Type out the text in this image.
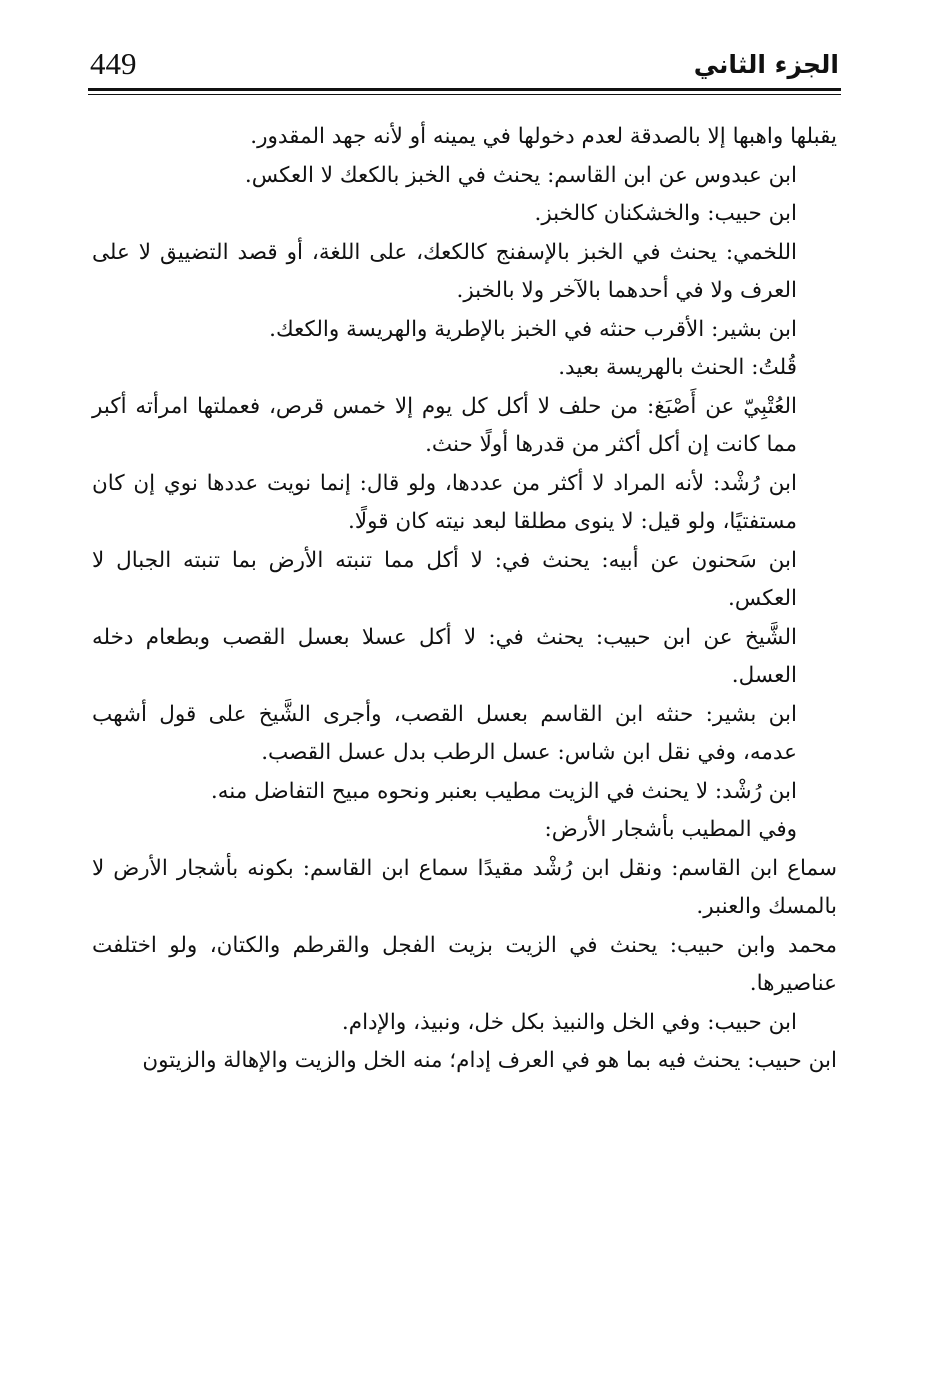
449	الجزء الثاني

يقبلها واهبها إلا بالصدقة لعدم دخولها في يمينه أو لأنه جهد المقدور.

ابن عبدوس عن ابن القاسم: يحنث في الخبز بالكعك لا العكس.

ابن حبيب: والخشكنان كالخبز.

اللخمي: يحنث في الخبز بالإسفنج كالكعك، على اللغة، أو قصد التضييق لا على العرف ولا في أحدهما بالآخر ولا بالخبز.

ابن بشير: الأقرب حنثه في الخبز بالإطرية والهريسة والكعك.

قُلتُ: الحنث بالهريسة بعيد.

العُتْبِيّ عن أَصْبَغ: من حلف لا أكل كل يوم إلا خمس قرص، فعملتها امرأته أكبر مما كانت إن أكل أكثر من قدرها أولًا حنث.

ابن رُشْد: لأنه المراد لا أكثر من عددها، ولو قال: إنما نويت عددها نوي إن كان مستفتيًا، ولو قيل: لا ينوى مطلقا لبعد نيته كان قولًا.

ابن سَحنون عن أبيه: يحنث في: لا أكل مما تنبته الأرض بما تنبته الجبال لا العكس.

الشَّيخ عن ابن حبيب: يحنث في: لا أكل عسلا بعسل القصب وبطعام دخله العسل.

ابن بشير: حنثه ابن القاسم بعسل القصب، وأجرى الشَّيخ على قول أشهب عدمه، وفي نقل ابن شاس: عسل الرطب بدل عسل القصب.

ابن رُشْد: لا يحنث في الزيت مطيب بعنبر ونحوه مبيح التفاضل منه.

وفي المطيب بأشجار الأرض:

سماع ابن القاسم: ونقل ابن رُشْد مقيدًا سماع ابن القاسم: بكونه بأشجار الأرض لا بالمسك والعنبر.

محمد وابن حبيب: يحنث في الزيت بزيت الفجل والقرطم والكتان، ولو اختلفت عناصيرها.

ابن حبيب: وفي الخل والنبيذ بكل خل، ونبيذ، والإدام.

ابن حبيب: يحنث فيه بما هو في العرف إدام؛ منه الخل والزيت والإهالة والزيتون
